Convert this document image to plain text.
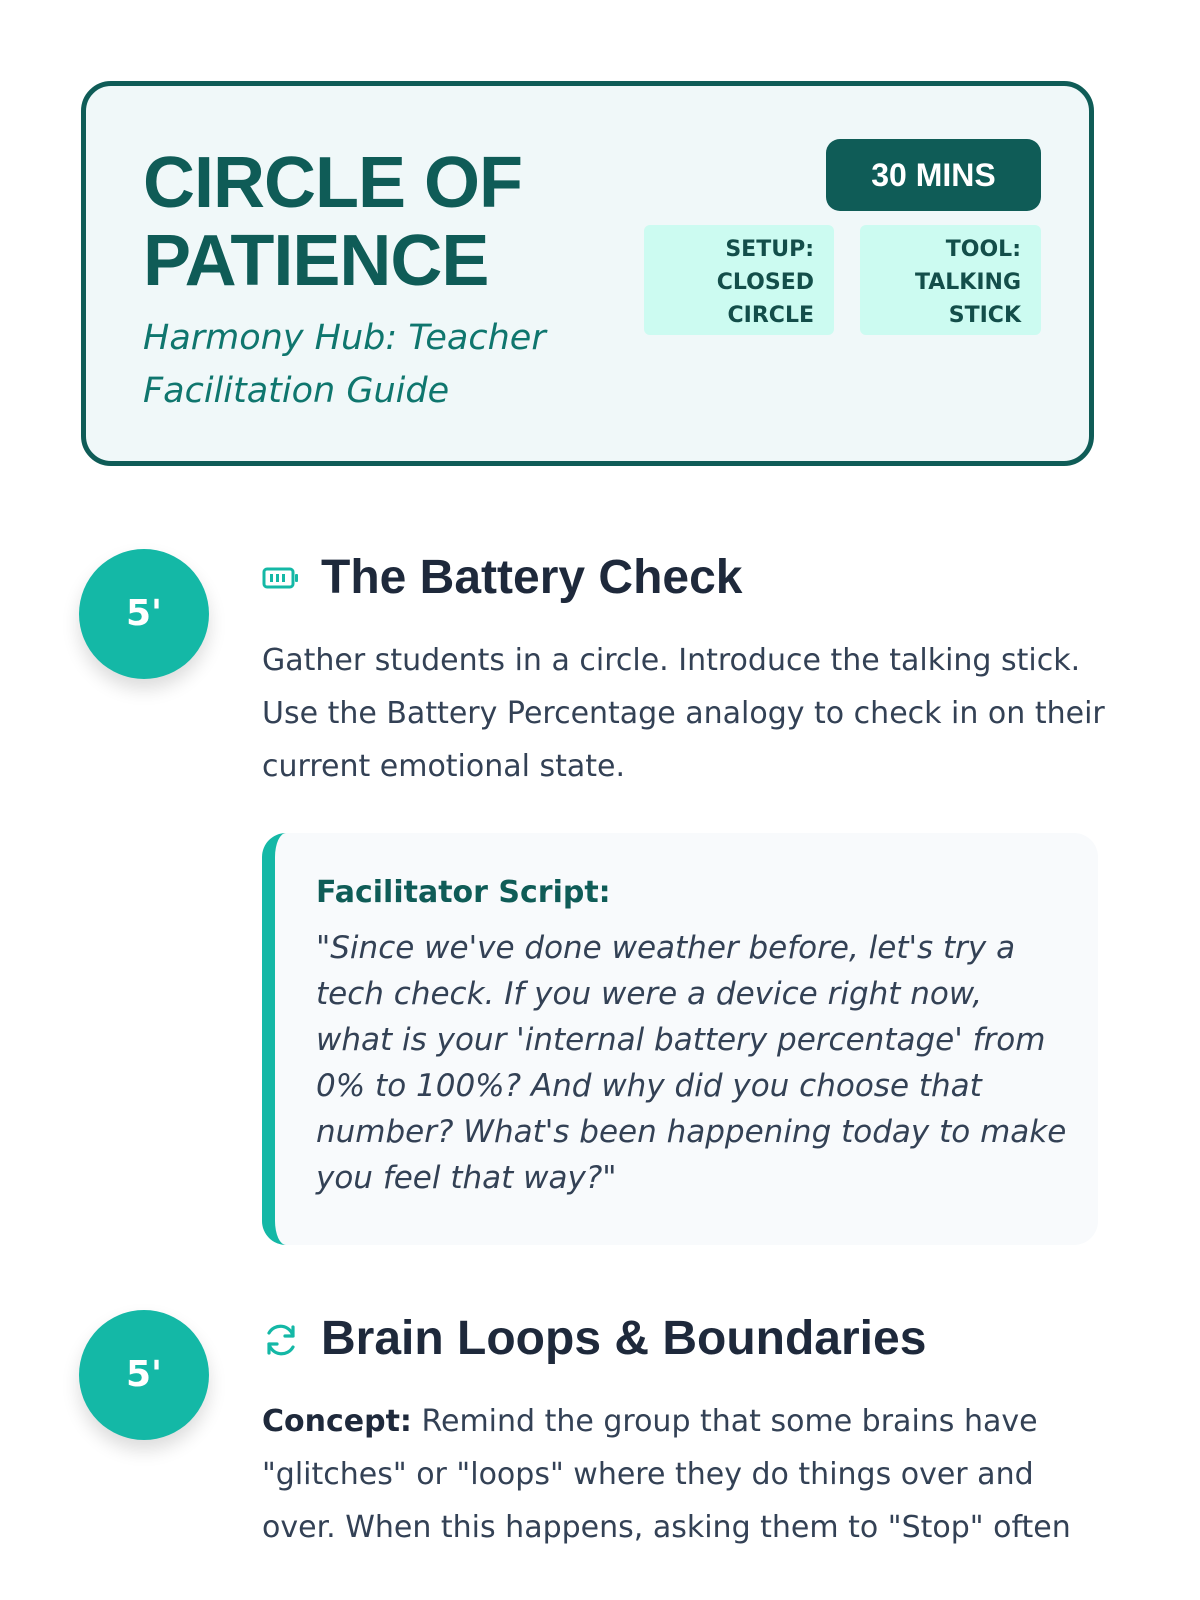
CIRCLE OF PATIENCE
Harmony Hub: Teacher Facilitation Guide
30 MINS
SETUP: CLOSED CIRCLE
TOOL: TALKING STICK
5'
The Battery Check

Gather students in a circle. Introduce the talking stick. Use the Battery Percentage analogy to check in on their current emotional state.

Facilitator Script:

"Since we've done weather before, let's try a tech check. If you were a device right now, what is your 'internal battery percentage' from 0% to 100%? And why did you choose that number? What's been happening today to make you feel that way?"

5'
Brain Loops & Boundaries

Concept: Remind the group that some brains have "glitches" or "loops" where they do things over and over. When this happens, asking them to "Stop" often
